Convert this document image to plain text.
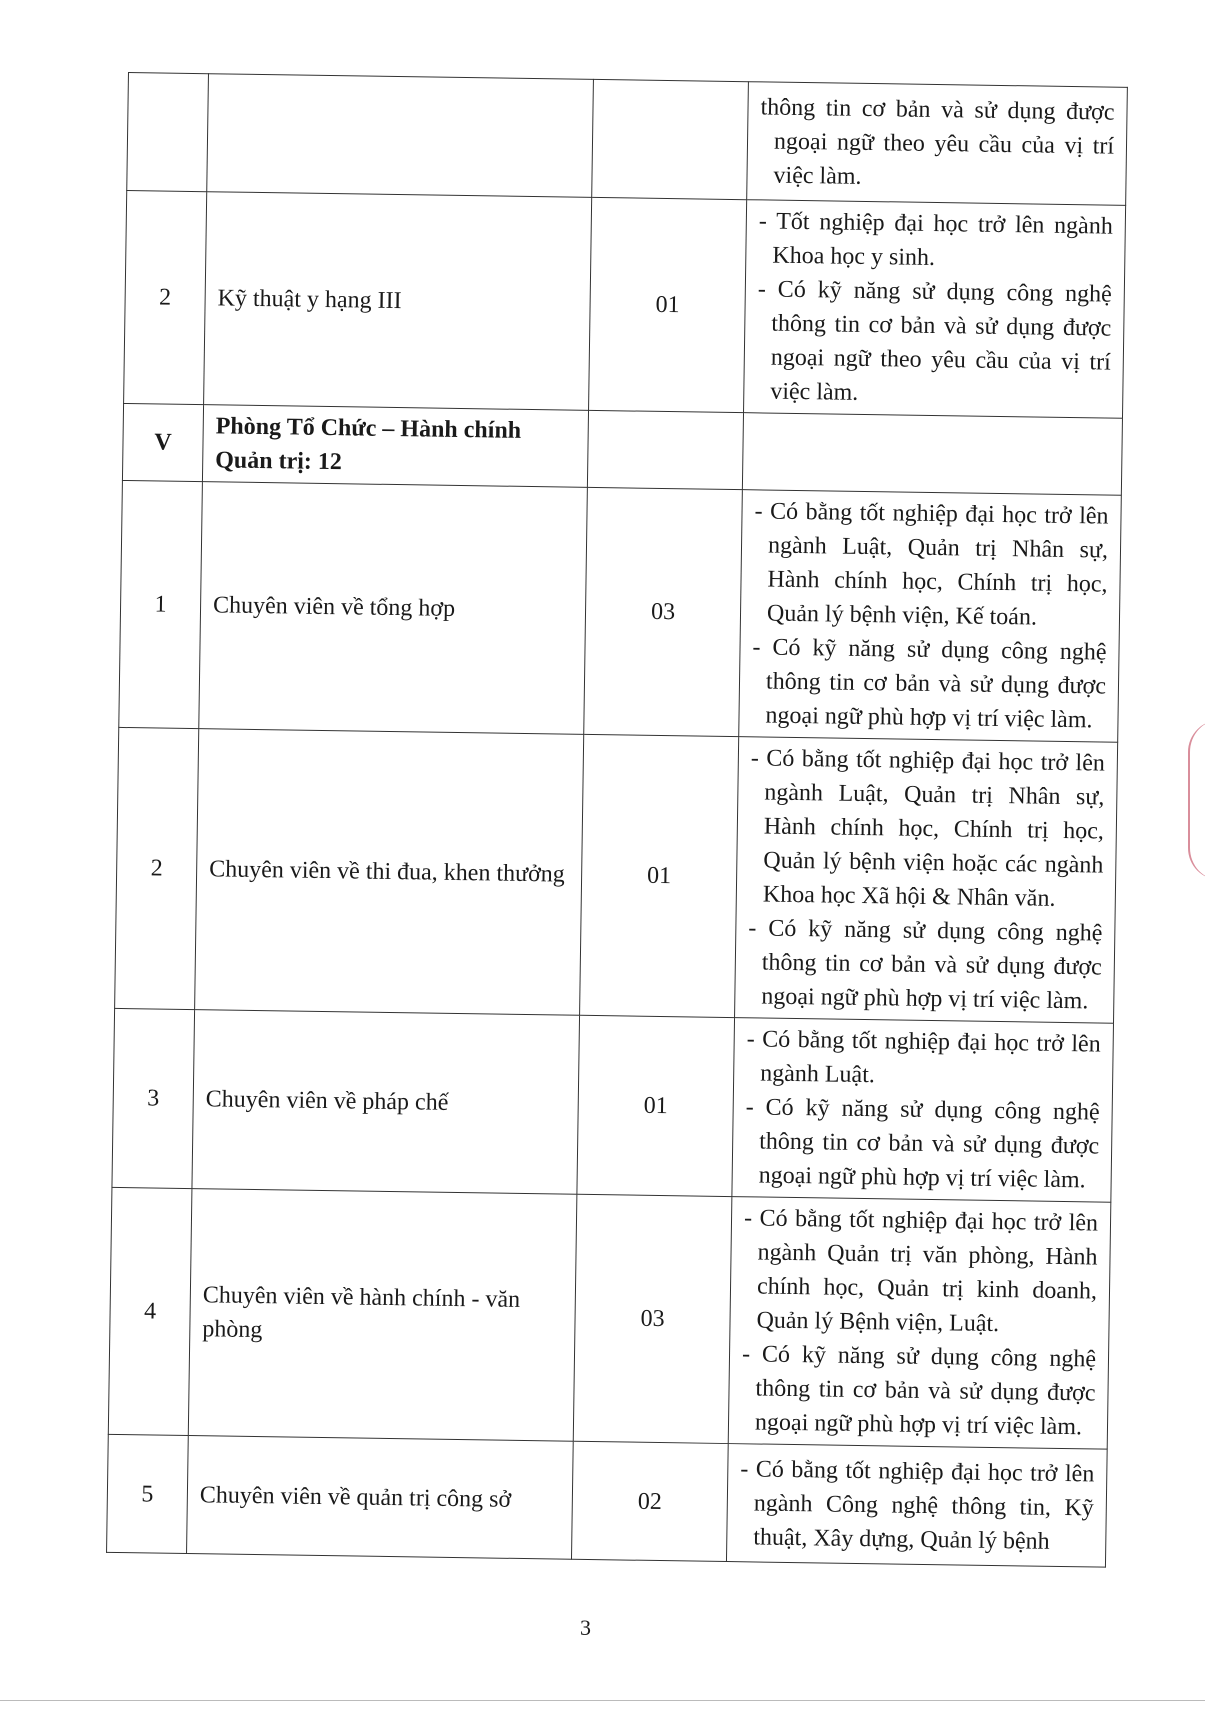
			thông tin cơ bản và sử dụng được ngoại ngữ theo yêu cầu của vị trí việc làm.

2	Kỹ thuật y hạng III	01	- Tốt nghiệp đại học trở lên ngành Khoa học y sinh.
- Có kỹ năng sử dụng công nghệ thông tin cơ bản và sử dụng được ngoại ngữ theo yêu cầu của vị trí việc làm.

V	Phòng Tổ Chức – Hành chính Quản trị: 12		
1	Chuyên viên về tổng hợp	03	- Có bằng tốt nghiệp đại học trở lên ngành Luật, Quản trị Nhân sự, Hành chính học, Chính trị học, Quản lý bệnh viện, Kế toán.
- Có kỹ năng sử dụng công nghệ thông tin cơ bản và sử dụng được ngoại ngữ phù hợp vị trí việc làm.

2	Chuyên viên về thi đua, khen thưởng	01	- Có bằng tốt nghiệp đại học trở lên ngành Luật, Quản trị Nhân sự, Hành chính học, Chính trị học, Quản lý bệnh viện hoặc các ngành Khoa học Xã hội & Nhân văn.
- Có kỹ năng sử dụng công nghệ thông tin cơ bản và sử dụng được ngoại ngữ phù hợp vị trí việc làm.

3	Chuyên viên về pháp chế	01	- Có bằng tốt nghiệp đại học trở lên ngành Luật.
- Có kỹ năng sử dụng công nghệ thông tin cơ bản và sử dụng được ngoại ngữ phù hợp vị trí việc làm.

4	Chuyên viên về hành chính - văn phòng	03	- Có bằng tốt nghiệp đại học trở lên ngành Quản trị văn phòng, Hành chính học, Quản trị kinh doanh, Quản lý Bệnh viện, Luật.
- Có kỹ năng sử dụng công nghệ thông tin cơ bản và sử dụng được ngoại ngữ phù hợp vị trí việc làm.

5	Chuyên viên về quản trị công sở	02	- Có bằng tốt nghiệp đại học trở lên ngành Công nghệ thông tin, Kỹ thuật, Xây dựng, Quản lý bệnh
3
